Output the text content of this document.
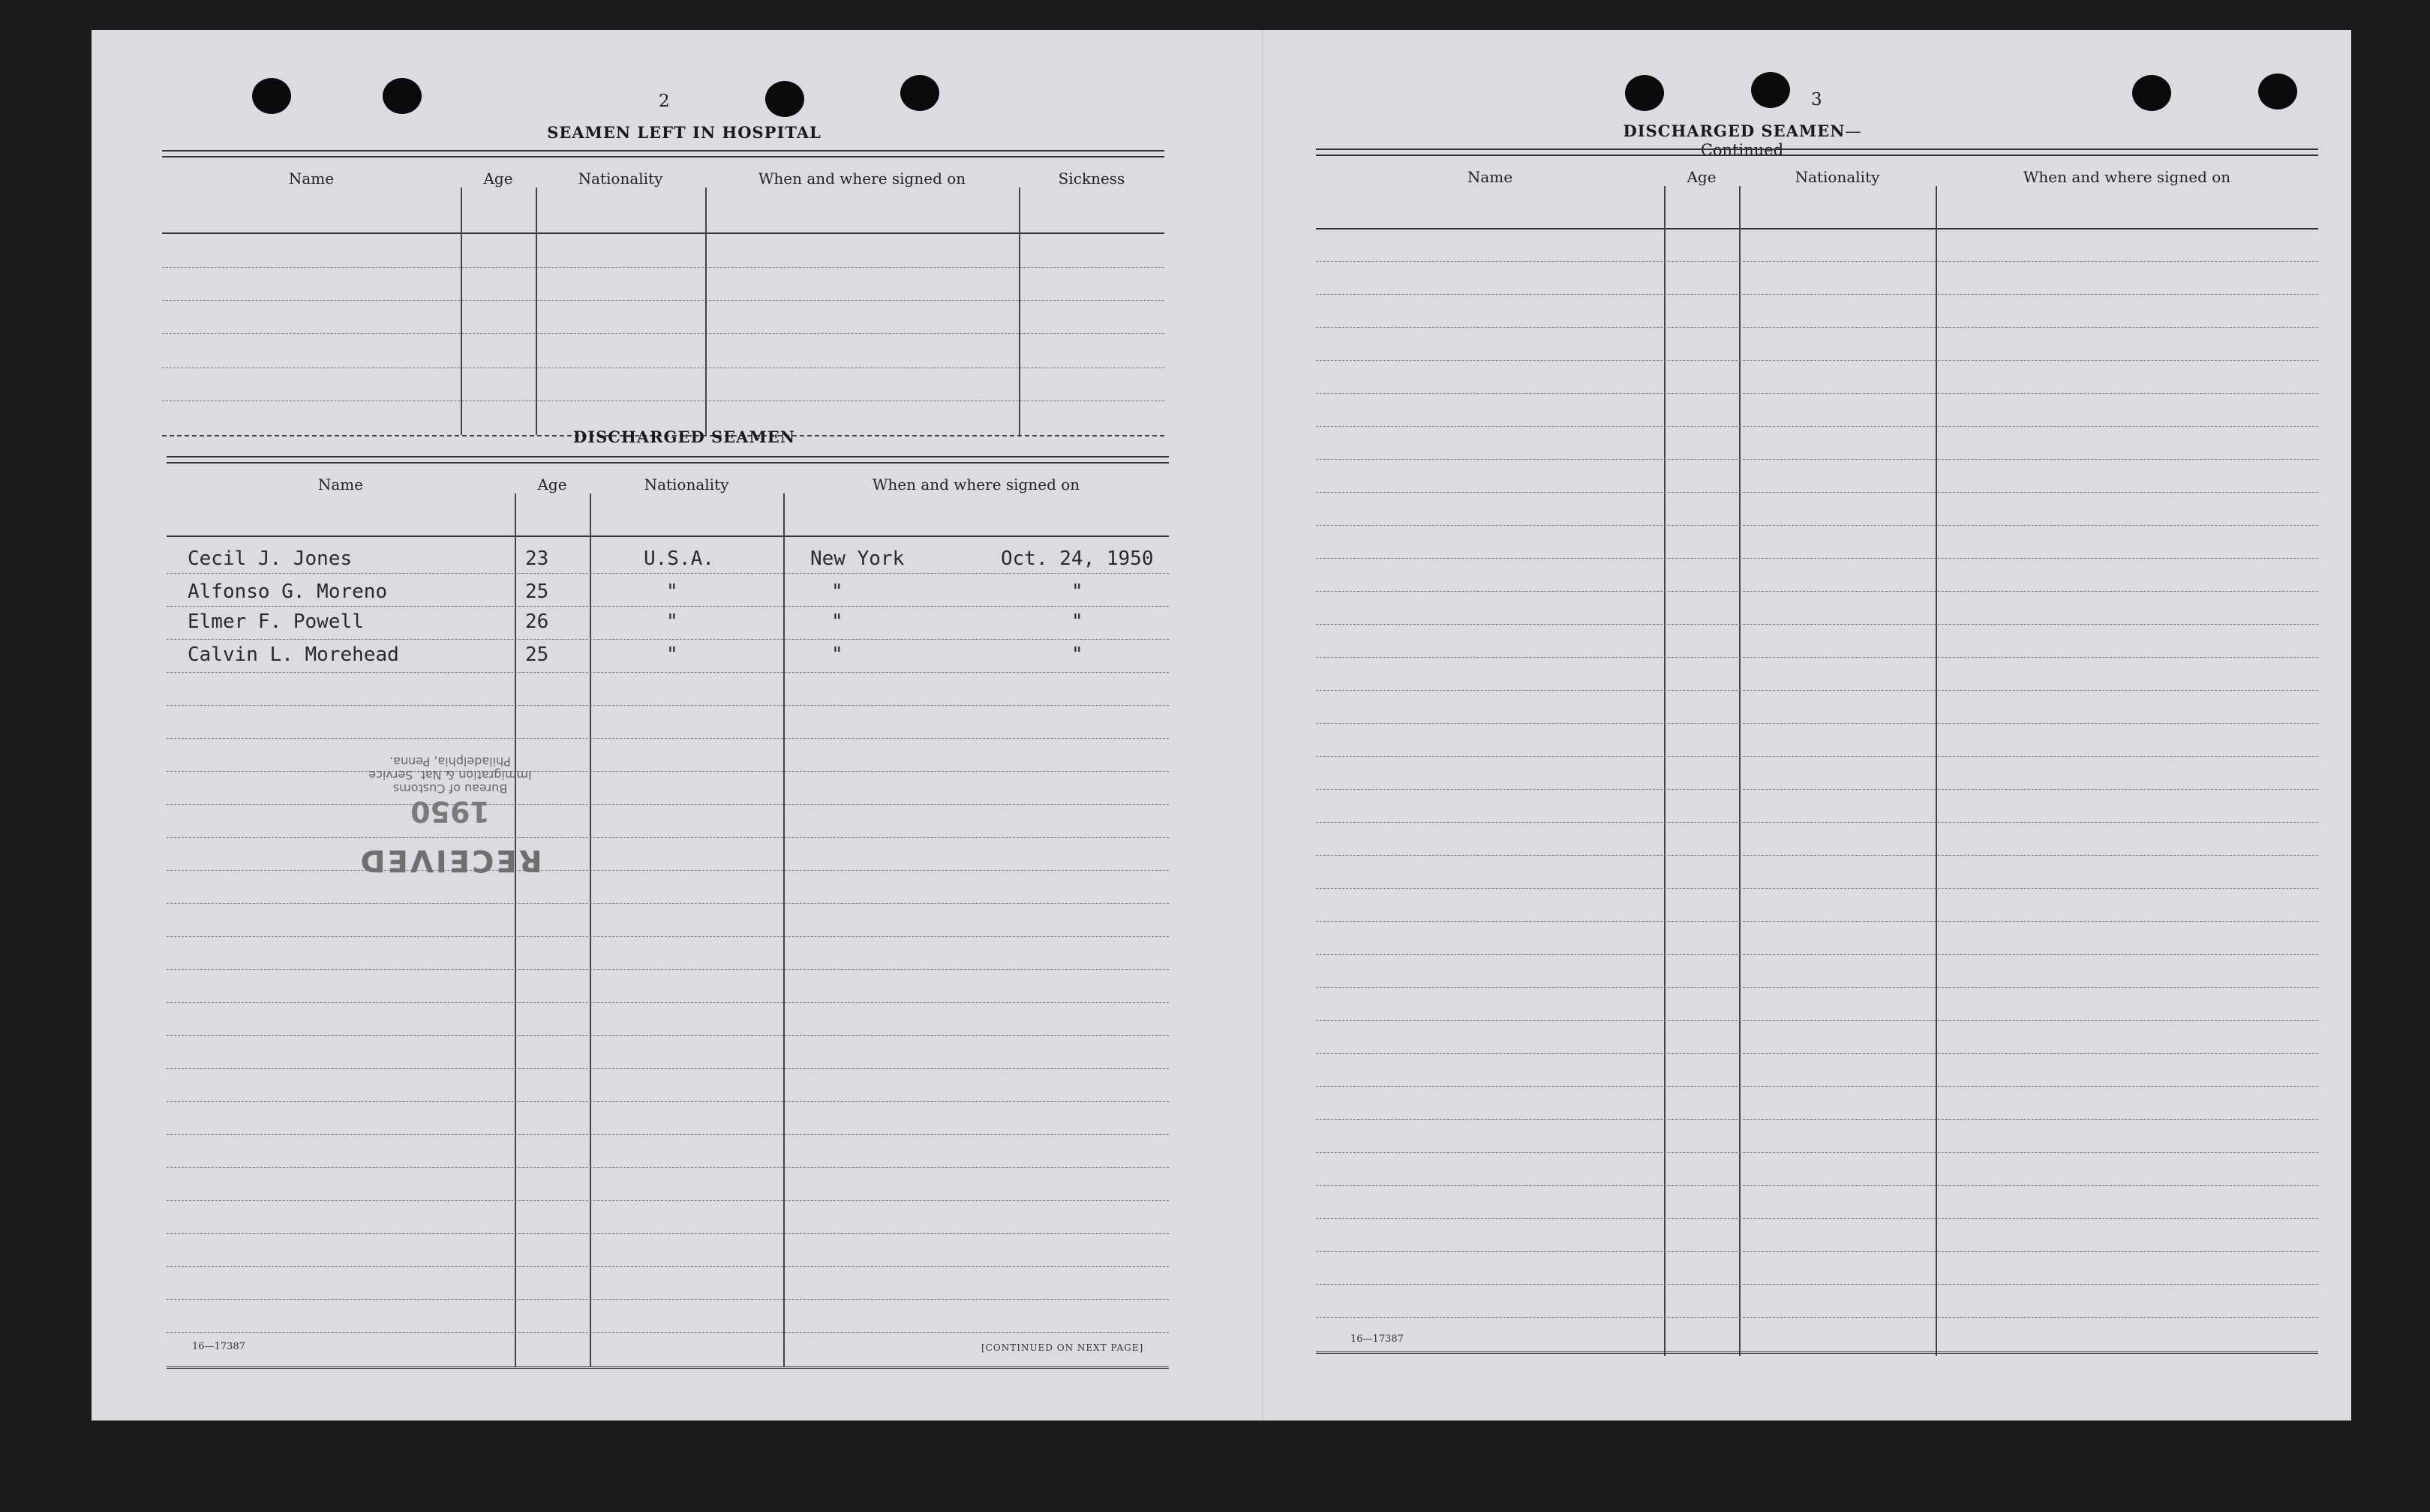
2
SEAMEN LEFT IN HOSPITAL
Name	Age	Nationality	When and where signed on	Sickness
DISCHARGED SEAMEN
Name	Age	Nationality	When and where signed on
Cecil J. Jones	23	U.S.A.	New York	Oct. 24, 1950
Alfonso G. Moreno	25	"	"	"
Elmer F. Powell	26	"	"	"
Calvin L. Morehead	25	"	"	"
RECEIVED
1950
Bureau of Customs
Immigration & Nat. Service
Philadelphia, Penna.
16—17387	[CONTINUED ON NEXT PAGE]
3
DISCHARGED SEAMEN—Continued
Name	Age	Nationality	When and where signed on
16—17387
